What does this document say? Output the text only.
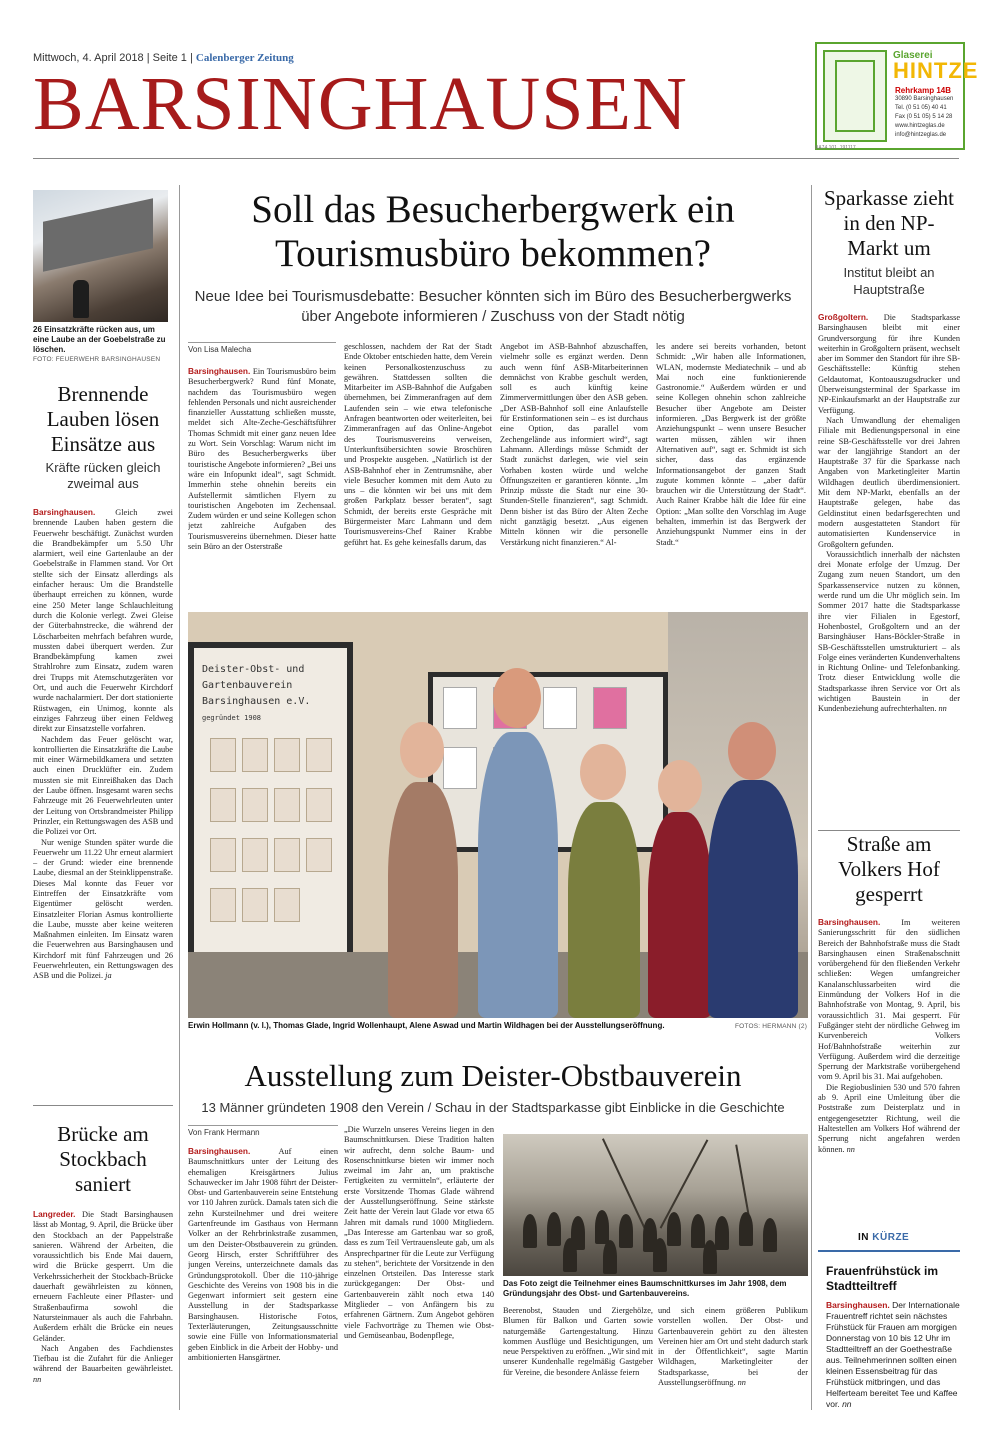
Mittwoch, 4. April 2018 | Seite 1 | Calenberger Zeitung
BARSINGHAUSEN
Glaserei
HINTZE
Rehrkamp 14B
30890 Barsinghausen
Tel. (0 51 05) 40 41
Fax (0 51 05) 5 14 28
www.hintzeglas.de
info@hintzeglas.de
BA74 101_191117
26 Einsatzkräfte rücken aus, um eine Laube an der Goebelstraße zu löschen.
FOTO: FEUERWEHR BARSINGHAUSEN
Brennende Lauben lösen Einsätze aus
Kräfte rücken gleich zweimal aus

Barsinghausen. Gleich zwei brennende Lauben haben gestern die Feuerwehr beschäftigt. Zunächst wurden die Brandbekämpfer um 5.50 Uhr alarmiert, weil eine Gartenlaube an der Goebelstraße in Flammen stand. Vor Ort stellte sich der Einsatz allerdings als einfacher heraus: Um die Brandstelle überhaupt erreichen zu können, wurde eine 250 Meter lange Schlauchleitung durch die Kolonie verlegt. Zwei Gleise der Güterbahnstrecke, die während der Löscharbeiten mehrfach befahren wurde, mussten dabei überquert werden. Zur Brandbekämpfung kamen zwei Strahlrohre zum Einsatz, zudem waren drei Trupps mit Atemschutzgeräten vor Ort, und auch die Feuerwehr Kirchdorf wurde nachalarmiert. Der dort stationierte Rüstwagen, ein Unimog, konnte als einziges Fahrzeug über einen Feldweg direkt zur Einsatzstelle vorfahren.

Nachdem das Feuer gelöscht war, kontrollierten die Einsatzkräfte die Laube mit einer Wärmebildkamera und setzten auch einen Drucklüfter ein. Zudem mussten sie mit Einreißhaken das Dach der Laube öffnen. Insgesamt waren sechs Fahrzeuge mit 26 Feuerwehrleuten unter der Leitung von Ortsbrandmeister Philipp Prinzler, ein Rettungswagen des ASB und die Polizei vor Ort.

Nur wenige Stunden später wurde die Feuerwehr um 11.22 Uhr erneut alarmiert – der Grund: wieder eine brennende Laube, diesmal an der Steinklippenstraße. Dieses Mal konnte das Feuer vor Eintreffen der Einsatzkräfte vom Eigentümer gelöscht werden. Einsatzleiter Florian Asmus kontrollierte die Laube, musste aber keine weiteren Maßnahmen einleiten. Im Einsatz waren die Feuerwehren aus Barsinghausen und Kirchdorf mit fünf Fahrzeugen und 26 Feuerwehrleuten, ein Rettungswagen des ASB und die Polizei. ja

Brücke am Stockbach saniert

Langreder. Die Stadt Barsinghausen lässt ab Montag, 9. April, die Brücke über den Stockbach an der Pappelstraße sanieren. Während der Arbeiten, die voraussichtlich bis Ende Mai dauern, wird die Brücke gesperrt. Um die Verkehrssicherheit der Stockbach-Brücke dauerhaft gewährleisten zu können, erneuern Fachleute einer Pflaster- und Straßenbaufirma sowohl die Natursteinmauer als auch die Fahrbahn. Außerdem erhält die Brücke ein neues Geländer.

Nach Angaben des Fachdienstes Tiefbau ist die Zufahrt für die Anlieger während der Bauarbeiten gewährleistet. nn

Soll das Besucherbergwerk ein Tourismusbüro bekommen?
Neue Idee bei Tourismusdebatte: Besucher könnten sich im Büro des Besucherbergwerks über Angebote informieren / Zuschuss von der Stadt nötig
Von Lisa Malecha

Barsinghausen. Ein Tourismusbüro beim Besucherbergwerk? Rund fünf Monate, nachdem das Tourismusbüro wegen fehlenden Personals und nicht ausreichender finanzieller Ausstattung schließen musste, meldet sich Alte-Zeche-Geschäftsführer Thomas Schmidt mit einer ganz neuen Idee zu Wort. Sein Vorschlag: Warum nicht im Büro des Besucherbergwerks über touristische Angebote informieren? „Bei uns wäre ein Infopunkt ideal“, sagt Schmidt. Immerhin stehe ohnehin bereits ein Aufstellermit sämtlichen Flyern zu touristischen Angeboten im Zechensaal. Zudem würden er und seine Kollegen schon jetzt zahlreiche Aufgaben des Tourismusvereins übernehmen. Dieser hatte sein Büro an der Osterstraße

geschlossen, nachdem der Rat der Stadt Ende Oktober entschieden hatte, dem Verein keinen Personalkostenzuschuss zu gewähren. Stattdessen sollten die Mitarbeiter im ASB-Bahnhof die Aufgaben übernehmen, bei Zimmeranfragen auf dem Laufenden sein – wie etwa telefonische Anfragen beantworten oder weiterleiten, bei Zimmeranfragen auf das Online-Angebot des Tourismusvereins verweisen, Unterkunftsübersichten sowie Broschüren und Prospekte ausgeben. „Natürlich ist der ASB-Bahnhof eher in Zentrumsnähe, aber viele Besucher kommen mit dem Auto zu uns – die könnten wir bei uns mit dem großen Parkplatz besser beraten“, sagt Schmidt, der bereits erste Gespräche mit Bürgermeister Marc Lahmann und dem Tourismusvereins-Chef Rainer Krabbe geführt hat. Es gehe keinesfalls darum, das

Angebot im ASB-Bahnhof abzuschaffen, vielmehr solle es ergänzt werden. Denn auch wenn fünf ASB-Mitarbeiterinnen demnächst von Krabbe geschult werden, soll es auch künftig keine Zimmervermittlungen über den ASB geben. „Der ASB-Bahnhof soll eine Anlaufstelle für Erstinformationen sein – es ist durchaus eine Option, das parallel vom Zechengelände aus informiert wird“, sagt Lahmann. Allerdings müsse Schmidt der Stadt zunächst darlegen, wie viel sein Vorhaben kosten würde und welche Öffnungszeiten er garantieren könnte. „Im Prinzip müsste die Stadt nur eine 30-Stunden-Stelle finanzieren“, sagt Schmidt. Denn bisher ist das Büro der Alten Zeche nicht ganztägig besetzt. „Aus eigenen Mitteln können wir die personelle Verstärkung nicht finanzieren.“ Al-

les andere sei bereits vorhanden, betont Schmidt: „Wir haben alle Informationen, WLAN, modernste Mediatechnik – und ab Mai noch eine funktionierende Gastronomie.“ Außerdem würden er und seine Kollegen ohnehin schon zahlreiche Besucher über Angebote am Deister informieren. „Das Bergwerk ist der größte Anziehungspunkt – wenn unsere Besucher warten müssen, zählen wir ihnen Alternativen auf“, sagt er. Schmidt ist sich sicher, dass das ergänzende Informationsangebot der ganzen Stadt zugute kommen könnte – „aber dafür brauchen wir die Unterstützung der Stadt“. Auch Rainer Krabbe hält die Idee für eine Option: „Man sollte den Vorschlag im Auge behalten, immerhin ist das Bergwerk der Anziehungspunkt Nummer eins in der Stadt.“

Deister-Obst- und Gartenbauverein Barsinghausen e.V.
gegründet 1908
Erwin Hollmann (v. l.), Thomas Glade, Ingrid Wollenhaupt, Alene Aswad und Martin Wildhagen bei der Ausstellungseröffnung.	FOTOS: HERMANN (2)
Ausstellung zum Deister-Obstbauverein
13 Männer gründeten 1908 den Verein / Schau in der Stadtsparkasse gibt Einblicke in die Geschichte
Von Frank Hermann

Barsinghausen.	Auf einen Baumschnittkurs unter der Leitung des ehemaligen Kreisgärtners Julius Schauwecker im Jahr 1908 führt der Deister-Obst- und Gartenbauverein seine Entstehung vor 110 Jahren zurück. Damals taten sich die zehn Kursteilnehmer und drei weitere Gartenfreunde im Gasthaus von Hermann Volker an der Rehrbrinkstraße zusammen, um den Deister-Obstbauverein zu gründen. Georg Hirsch, erster Schriftführer des jungen Vereins, unterzeichnete damals das Gründungsprotokoll. Über die 110-jährige Geschichte des Vereins von 1908 bis in die Gegenwart informiert seit gestern eine Ausstellung in der Stadtsparkasse Barsinghausen. Historische Fotos, Texterläuterungen, Zeitungsausschnitte sowie eine Fülle von Informationsmaterial geben Einblick in die Arbeit der Hobby- und ambitionierten Hansgärtner.

„Die Wurzeln unseres Vereins liegen in den Baumschnittkursen. Diese Tradition halten wir aufrecht, denn solche Baum- und Rosenschnittkurse bieten wir immer noch zweimal im Jahr an, um praktische Fertigkeiten zu vermitteln“, erläuterte der erste Vorsitzende Thomas Glade während der Ausstellungseröffnung. Seine stärkste Zeit hatte der Verein laut Glade vor etwa 65 Jahren mit damals rund 1000 Mitgliedern. „Das Interesse am Gartenbau war so groß, dass es zum Teil Vertrauensleute gab, um als Ansprechpartner für die Leute zur Verfügung zu stehen“, berichtete der Vorsitzende in den einzelnen Ortsteilen. Das Interesse stark zurückgegangen: Der Obst- und Gartenbauverein zählt noch etwa 140 Mitglieder – von Anfängern bis zu erfahrenen Gärtnern. Zum Angebot gehören viele Fachvorträge zu Themen wie Obst- und Gemüseanbau, Bodenpflege,

Das Foto zeigt die Teilnehmer eines Baumschnittkurses im Jahr 1908, dem Gründungsjahr des Obst- und Gartenbauvereins.

Beerenobst, Stauden und Ziergehölze, Blumen für Balkon und Garten sowie naturgemäße Gartengestaltung. Hinzu kommen Ausflüge und Besichtigungen, um neue Perspektiven zu eröffnen. „Wir sind mit unserer Kundenhalle regelmäßig Gastgeber für Vereine, die besondere Anlässe feiern

und sich einem größeren Publikum vorstellen wollen. Der Obst- und Gartenbauverein gehört zu den ältesten Vereinen hier am Ort und steht dadurch stark in der Öffentlichkeit“, sagte Martin Wildhagen, Marketingleiter der Stadtsparkasse, bei der Ausstellungseröffnung. nn

Sparkasse zieht in den NP-Markt um
Institut bleibt an Hauptstraße

Großgoltern. Die Stadtsparkasse Barsinghausen bleibt mit einer Grundversorgung für ihre Kunden weiterhin in Großgoltern präsent, wechselt aber im Sommer den Standort für ihre SB-Geschäftsstelle: Künftig stehen Geldautomat, Kontoauszugsdrucker und Überweisungsterminal der Sparkasse im NP-Einkaufsmarkt an der Hauptstraße zur Verfügung.

Nach Umwandlung der ehemaligen Filiale mit Bedienungspersonal in eine reine SB-Geschäftsstelle vor drei Jahren war der langjährige Standort an der Hauptstraße 37 für die Sparkasse nach Angaben von Marketingleiter Martin Wildhagen deutlich überdimensioniert. Mit dem NP-Markt, ebenfalls an der Hauptstraße gelegen, habe das Geldinstitut einen bedarfsgerechten und modern ausgestatteten Standort für automatisierten Kundenservice in Großgoltern gefunden.

Voraussichtlich innerhalb der nächsten drei Monate erfolge der Umzug. Der Zugang zum neuen Standort, um den Sparkassenservice nutzen zu können, werde rund um die Uhr möglich sein. Im Sommer 2017 hatte die Stadtsparkasse ihre vier Filialen in Egestorf, Hohenbostel, Großgoltern und an der Barsinghäuser Hans-Böckler-Straße in SB-Geschäftsstellen umstrukturiert – als Folge eines veränderten Kundenverhaltens in Richtung Online- und Telefonbanking. Trotz dieser Entwicklung wolle die Stadtsparkasse ihren Service vor Ort als wichtigen Baustein in der Kundenbeziehung aufrechterhalten. nn

Straße am Volkers Hof gesperrt

Barsinghausen.	Im weiteren Sanierungsschritt für den südlichen Bereich der Bahnhofstraße muss die Stadt Barsinghausen einen Straßenabschnitt vorübergehend für den fließenden Verkehr schließen: Wegen umfangreicher Kanalanschlussarbeiten wird die Einmündung der Volkers Hof in die Bahnhofstraße von Montag, 9. April, bis voraussichtlich 31. Mai gesperrt. Für Fußgänger steht der nördliche Gehweg im Kurvenbereich Volkers Hof/Bahnhofstraße weiterhin zur Verfügung. Außerdem wird die derzeitige Sperrung der Marktstraße vorübergehend vom 9. April bis 31. Mai aufgehoben.

Die Regiobuslinien 530 und 570 fahren ab 9. April eine Umleitung über die Poststraße zum Deisterplatz und in entgegengesetzter Richtung, weil die Haltestellen am Volkers Hof während der Sperrung nicht angefahren werden können. nn

IN KÜRZE
Frauenfrühstück im Stadtteiltreff
Barsinghausen. Der Internationale Frauentreff richtet sein nächstes Frühstück für Frauen am morgigen Donnerstag von 10 bis 12 Uhr im Stadtteiltreff an der Goethestraße aus. Teilnehmerinnen sollten einen kleinen Essensbeitrag für das Frühstück mitbringen, und das Helferteam bereitet Tee und Kaffee vor. nn
